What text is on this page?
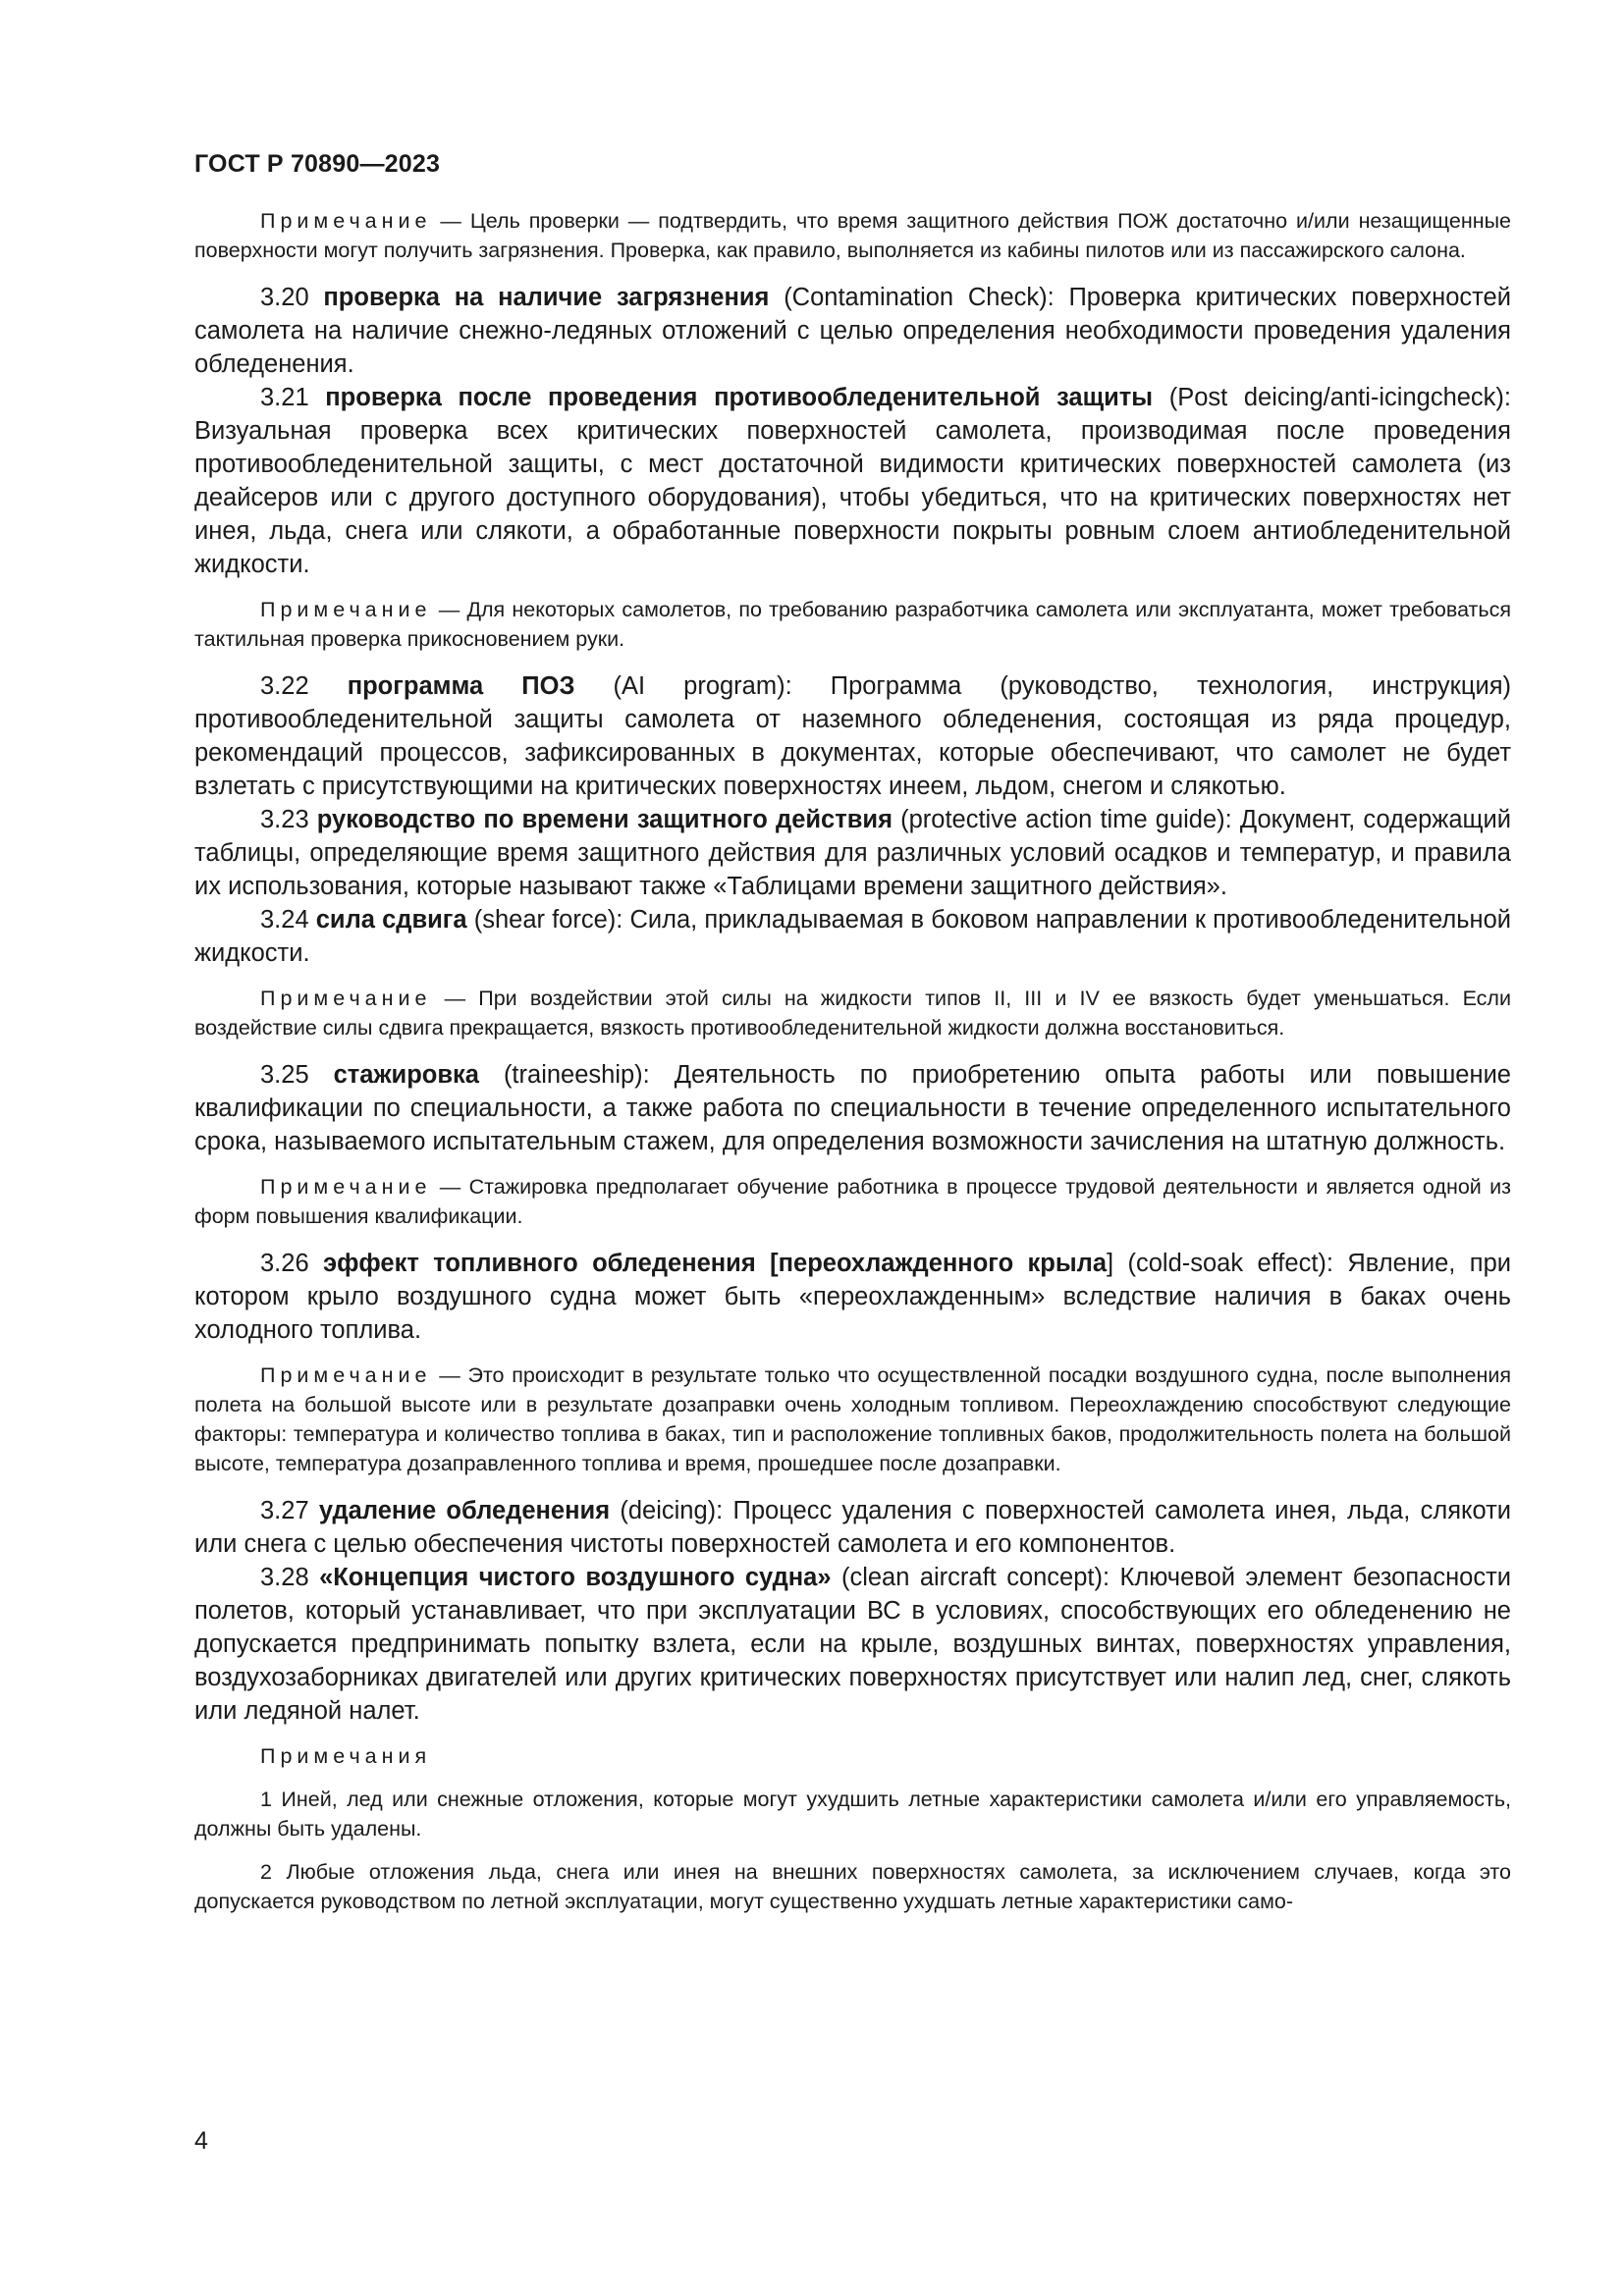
ГОСТ Р 70890—2023

Примечание — Цель проверки — подтвердить, что время защитного действия ПОЖ достаточно и/или незащищенные поверхности могут получить загрязнения. Проверка, как правило, выполняется из кабины пилотов или из пассажирского салона.

3.20 проверка на наличие загрязнения (Contamination Check): Проверка критических поверхностей самолета на наличие снежно-ледяных отложений с целью определения необходимости проведения удаления обледенения.

3.21 проверка после проведения противообледенительной защиты (Post deicing/anti-icingcheck): Визуальная проверка всех критических поверхностей самолета, производимая после проведения противообледенительной защиты, с мест достаточной видимости критических поверхностей самолета (из деайсеров или с другого доступного оборудования), чтобы убедиться, что на критических поверхностях нет инея, льда, снега или слякоти, а обработанные поверхности покрыты ровным слоем антиобледенительной жидкости.

Примечание — Для некоторых самолетов, по требованию разработчика самолета или эксплуатанта, может требоваться тактильная проверка прикосновением руки.

3.22 программа ПОЗ (AI program): Программа (руководство, технология, инструкция) противообледенительной защиты самолета от наземного обледенения, состоящая из ряда процедур, рекомендаций процессов, зафиксированных в документах, которые обеспечивают, что самолет не будет взлетать с присутствующими на критических поверхностях инеем, льдом, снегом и слякотью.

3.23 руководство по времени защитного действия (protective action time guide): Документ, содержащий таблицы, определяющие время защитного действия для различных условий осадков и температур, и правила их использования, которые называют также «Таблицами времени защитного действия».

3.24 сила сдвига (shear force): Сила, прикладываемая в боковом направлении к противообледенительной жидкости.

Примечание — При воздействии этой силы на жидкости типов II, III и IV ее вязкость будет уменьшаться. Если воздействие силы сдвига прекращается, вязкость противообледенительной жидкости должна восстановиться.

3.25 стажировка (traineeship): Деятельность по приобретению опыта работы или повышение квалификации по специальности, а также работа по специальности в течение определенного испытательного срока, называемого испытательным стажем, для определения возможности зачисления на штатную должность.

Примечание — Стажировка предполагает обучение работника в процессе трудовой деятельности и является одной из форм повышения квалификации.

3.26 эффект топливного обледенения [переохлажденного крыла] (cold-soak effect): Явление, при котором крыло воздушного судна может быть «переохлажденным» вследствие наличия в баках очень холодного топлива.

Примечание — Это происходит в результате только что осуществленной посадки воздушного судна, после выполнения полета на большой высоте или в результате дозаправки очень холодным топливом. Переохлаждению способствуют следующие факторы: температура и количество топлива в баках, тип и расположение топливных баков, продолжительность полета на большой высоте, температура дозаправленного топлива и время, прошедшее после дозаправки.

3.27 удаление обледенения (deicing): Процесс удаления с поверхностей самолета инея, льда, слякоти или снега с целью обеспечения чистоты поверхностей самолета и его компонентов.

3.28 «Концепция чистого воздушного судна» (clean aircraft concept): Ключевой элемент безопасности полетов, который устанавливает, что при эксплуатации ВС в условиях, способствующих его обледенению не допускается предпринимать попытку взлета, если на крыле, воздушных винтах, поверхностях управления, воздухозаборниках двигателей или других критических поверхностях присутствует или налип лед, снег, слякоть или ледяной налет.

Примечания

1 Иней, лед или снежные отложения, которые могут ухудшить летные характеристики самолета и/или его управляемость, должны быть удалены.

2 Любые отложения льда, снега или инея на внешних поверхностях самолета, за исключением случаев, когда это допускается руководством по летной эксплуатации, могут существенно ухудшать летные характеристики само-

4
